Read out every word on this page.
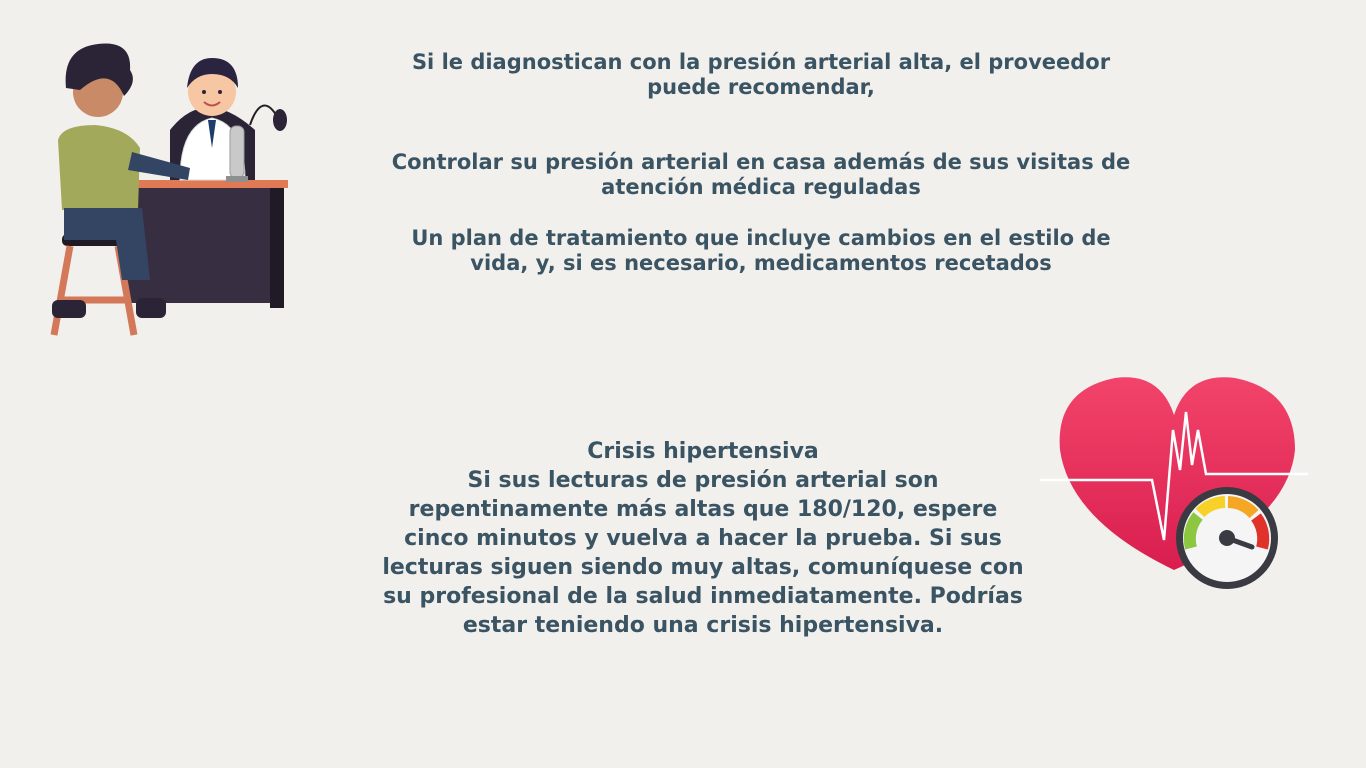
Si le diagnostican con la presión arterial alta, el proveedor puede recomendar,

Controlar su presión arterial en casa además de sus visitas de atención médica reguladas

Un plan de tratamiento que incluye cambios en el estilo de vida, y, si es necesario, medicamentos recetados

Crisis hipertensiva
Si sus lecturas de presión arterial son repentinamente más altas que 180/120, espere cinco minutos y vuelva a hacer la prueba. Si sus lecturas siguen siendo muy altas, comuníquese con su profesional de la salud inmediatamente. Podrías estar teniendo una crisis hipertensiva.
